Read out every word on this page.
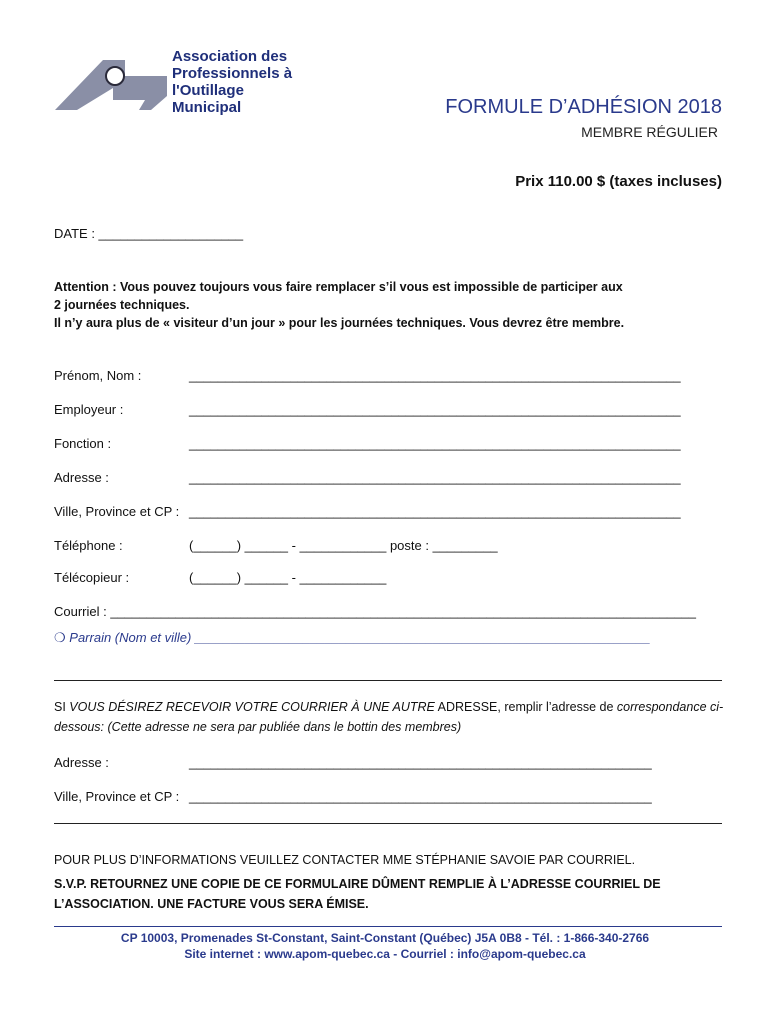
Association des
Professionnels à
l'Outillage
Municipal	FORMULE D’ADHÉSION 2018
MEMBRE RÉGULIER
Prix 110.00 $ (taxes incluses)
DATE : ____________________
Attention : Vous pouvez toujours vous faire remplacer s’il vous est impossible de participer aux
2 journées techniques.
Il n’y aura plus de « visiteur d’un jour » pour les journées techniques. Vous devrez être membre.
Prénom, Nom :	____________________________________________________________________
Employeur :	____________________________________________________________________
Fonction :	____________________________________________________________________
Adresse :	____________________________________________________________________
Ville, Province et CP : ____________________________________________________________________
Téléphone :	(______) ______ - ____________ poste : _________
Télécopieur :	(______) ______ - ____________
Courriel : _________________________________________________________________________________
❍ Parrain (Nom et ville) _______________________________________________________________
SI VOUS DÉSIREZ RECEVOIR VOTRE COURRIER À UNE AUTRE ADRESSE, remplir l’adresse de correspondance ci-dessous: (Cette adresse ne sera par publiée dans le bottin des membres)
Adresse :	________________________________________________________________
Ville, Province et CP : ________________________________________________________________
POUR PLUS D’INFORMATIONS VEUILLEZ CONTACTER MME STÉPHANIE SAVOIE PAR COURRIEL.
S.V.P. RETOURNEZ UNE COPIE DE CE FORMULAIRE DÛMENT REMPLIE À L’ADRESSE COURRIEL DE L’ASSOCIATION. UNE FACTURE VOUS SERA ÉMISE.
CP 10003, Promenades St-Constant, Saint-Constant (Québec) J5A 0B8 - Tél. : 1-866-340-2766
Site internet : www.apom-quebec.ca - Courriel : info@apom-quebec.ca
